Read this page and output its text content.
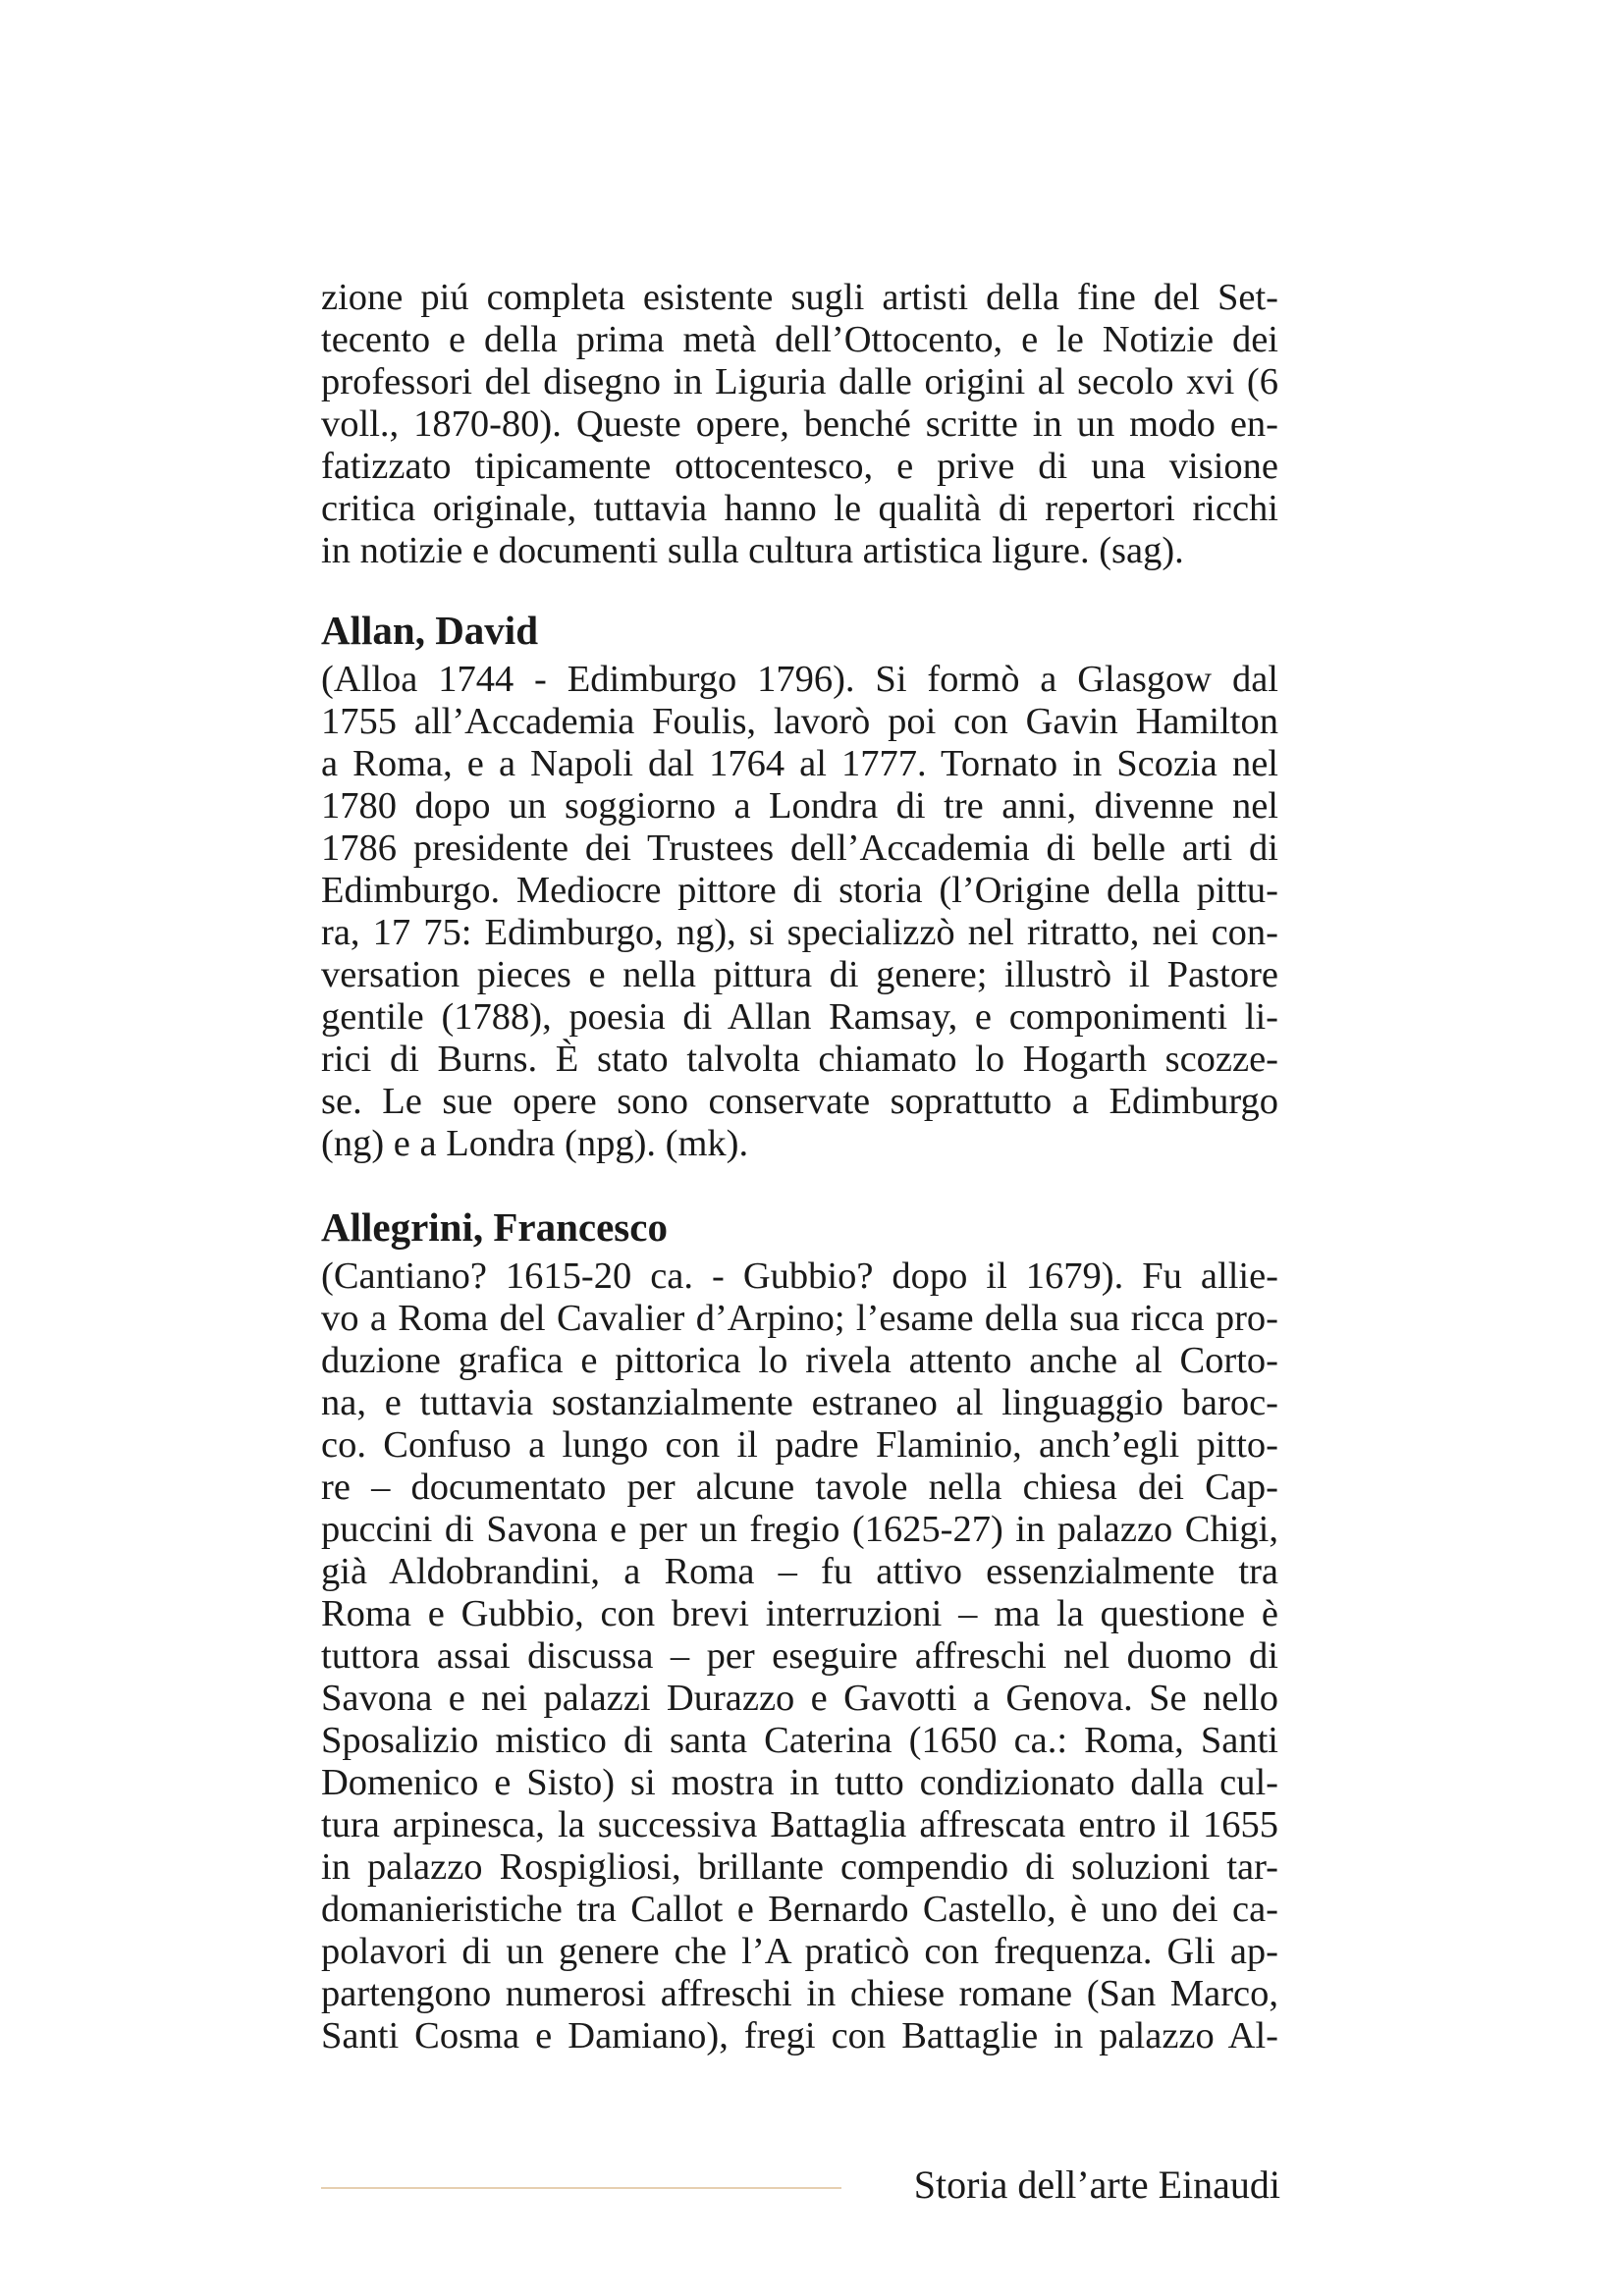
zione piú completa esistente sugli artisti della fine del Set-
tecento e della prima metà dell’Ottocento, e le Notizie dei
professori del disegno in Liguria dalle origini al secolo xvi (6
voll., 1870-80). Queste opere, benché scritte in un modo en-
fatizzato tipicamente ottocentesco, e prive di una visione
critica originale, tuttavia hanno le qualità di repertori ricchi
in notizie e documenti sulla cultura artistica ligure. (sag).
Allan, David
(Alloa 1744 - Edimburgo 1796). Si formò a Glasgow dal
1755 all’Accademia Foulis, lavorò poi con Gavin Hamilton
a Roma, e a Napoli dal 1764 al 1777. Tornato in Scozia nel
1780 dopo un soggiorno a Londra di tre anni, divenne nel
1786 presidente dei Trustees dell’Accademia di belle arti di
Edimburgo. Mediocre pittore di storia (l’Origine della pittu-
ra, 17 75: Edimburgo, ng), si specializzò nel ritratto, nei con-
versation pieces e nella pittura di genere; illustrò il Pastore
gentile (1788), poesia di Allan Ramsay, e componimenti li-
rici di Burns. È stato talvolta chiamato lo Hogarth scozze-
se. Le sue opere sono conservate soprattutto a Edimburgo
(ng) e a Londra (npg). (mk).
Allegrini, Francesco
(Cantiano? 1615-20 ca. - Gubbio? dopo il 1679). Fu allie-
vo a Roma del Cavalier d’Arpino; l’esame della sua ricca pro-
duzione grafica e pittorica lo rivela attento anche al Corto-
na, e tuttavia sostanzialmente estraneo al linguaggio baroc-
co. Confuso a lungo con il padre Flaminio, anch’egli pitto-
re – documentato per alcune tavole nella chiesa dei Cap-
puccini di Savona e per un fregio (1625-27) in palazzo Chigi,
già Aldobrandini, a Roma – fu attivo essenzialmente tra
Roma e Gubbio, con brevi interruzioni – ma la questione è
tuttora assai discussa – per eseguire affreschi nel duomo di
Savona e nei palazzi Durazzo e Gavotti a Genova. Se nello
Sposalizio mistico di santa Caterina (1650 ca.: Roma, Santi
Domenico e Sisto) si mostra in tutto condizionato dalla cul-
tura arpinesca, la successiva Battaglia affrescata entro il 1655
in palazzo Rospigliosi, brillante compendio di soluzioni tar-
domanieristiche tra Callot e Bernardo Castello, è uno dei ca-
polavori di un genere che l’A praticò con frequenza. Gli ap-
partengono numerosi affreschi in chiese romane (San Marco,
Santi Cosma e Damiano), fregi con Battaglie in palazzo Al-
Storia dell’arte Einaudi
